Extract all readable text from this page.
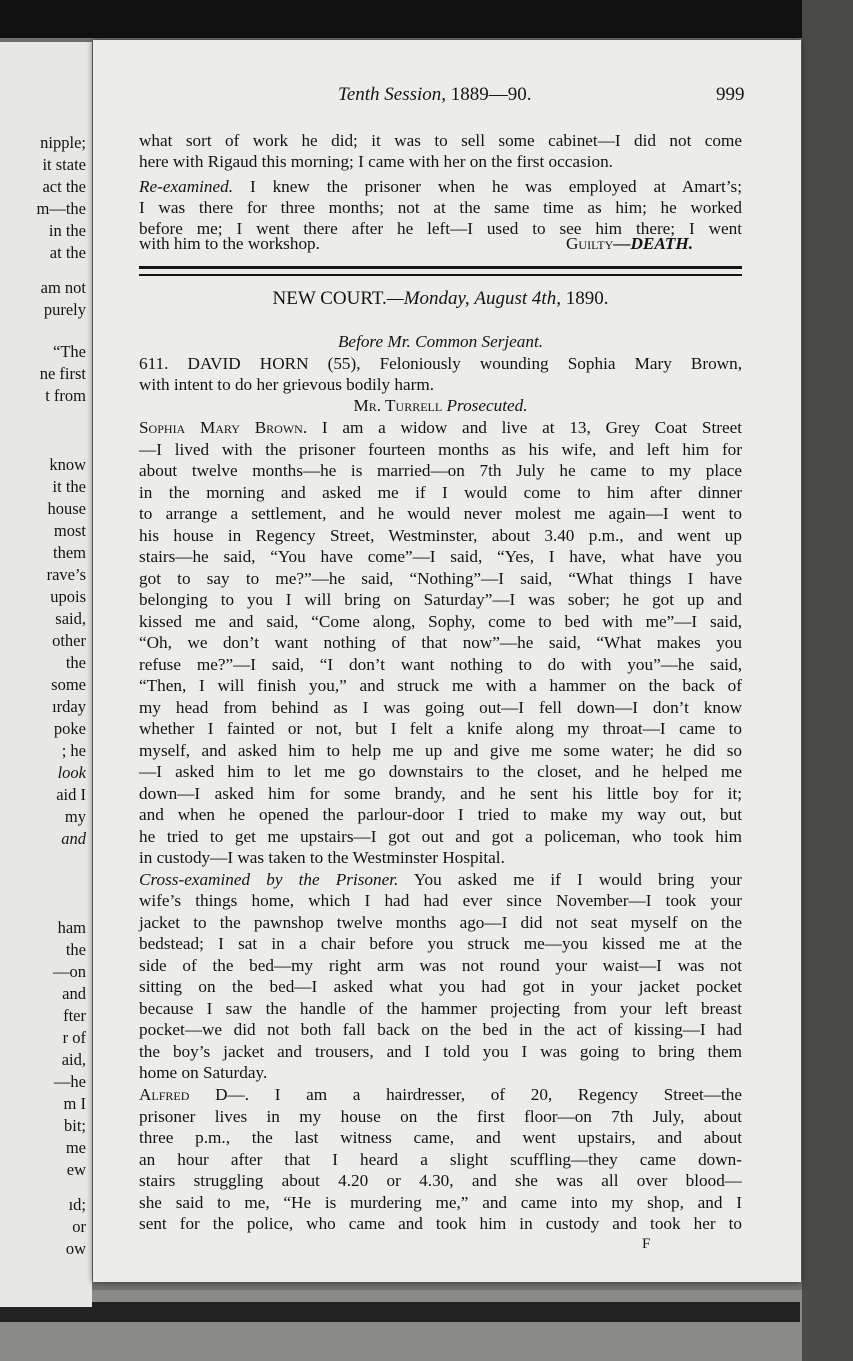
nipple;
it state
act the
m—the
in the
at the
am not
purely
“The
ne first
t from
know
it the
house
most
them
rave’s
upois
said,
other
the
some
ırday
poke
; he
look
aid I
my
and
ham
the
—on
and
fter
r of
aid,
—he
m I
bit;
me
ew
ıd;
or
ow
Tenth Session, 1889—90.	999
what sort of work he did; it was to sell some cabinet—I did not come
here with Rigaud this morning; I came with her on the first occasion.
Re-examined. I knew the prisoner when he was employed at Amart’s;
I was there for three months; not at the same time as him; he worked
before me; I went there after he left—I used to see him there; I went
with him to the workshop.	Guilty—DEATH.
NEW COURT.—Monday, August 4th, 1890.
Before Mr. Common Serjeant.
611. DAVID HORN (55), Feloniously wounding Sophia Mary Brown,
with intent to do her grievous bodily harm.
Mr. Turrell Prosecuted.
Sophia Mary Brown. I am a widow and live at 13, Grey Coat Street
—I lived with the prisoner fourteen months as his wife, and left him for
about twelve months—he is married—on 7th July he came to my place
in the morning and asked me if I would come to him after dinner
to arrange a settlement, and he would never molest me again—I went to
his house in Regency Street, Westminster, about 3.40 p.m., and went up
stairs—he said, “You have come”—I said, “Yes, I have, what have you
got to say to me?”—he said, “Nothing”—I said, “What things I have
belonging to you I will bring on Saturday”—I was sober; he got up and
kissed me and said, “Come along, Sophy, come to bed with me”—I said,
“Oh, we don’t want nothing of that now”—he said, “What makes you
refuse me?”—I said, “I don’t want nothing to do with you”—he said,
“Then, I will finish you,” and struck me with a hammer on the back of
my head from behind as I was going out—I fell down—I don’t know
whether I fainted or not, but I felt a knife along my throat—I came to
myself, and asked him to help me up and give me some water; he did so
—I asked him to let me go downstairs to the closet, and he helped me
down—I asked him for some brandy, and he sent his little boy for it;
and when he opened the parlour-door I tried to make my way out, but
he tried to get me upstairs—I got out and got a policeman, who took him
in custody—I was taken to the Westminster Hospital.
Cross-examined by the Prisoner. You asked me if I would bring your
wife’s things home, which I had had ever since November—I took your
jacket to the pawnshop twelve months ago—I did not seat myself on the
bedstead; I sat in a chair before you struck me—you kissed me at the
side of the bed—my right arm was not round your waist—I was not
sitting on the bed—I asked what you had got in your jacket pocket
because I saw the handle of the hammer projecting from your left breast
pocket—we did not both fall back on the bed in the act of kissing—I had
the boy’s jacket and trousers, and I told you I was going to bring them
home on Saturday.
Alfred D—. I am a hairdresser, of 20, Regency Street—the
prisoner lives in my house on the first floor—on 7th July, about
three p.m., the last witness came, and went upstairs, and about
an hour after that I heard a slight scuffling—they came down-
stairs struggling about 4.20 or 4.30, and she was all over blood—
she said to me, “He is murdering me,” and came into my shop, and I
sent for the police, who came and took him in custody and took her to
F
